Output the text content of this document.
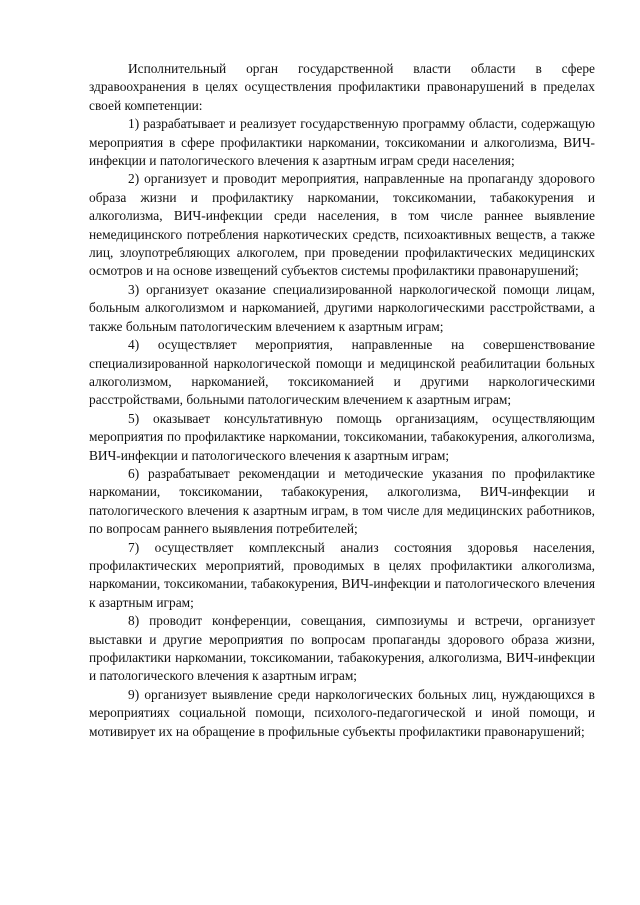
Исполнительный орган государственной власти области в сфере здравоохранения в целях осуществления профилактики правонарушений в пределах своей компетенции:

1) разрабатывает и реализует государственную программу области, содержащую мероприятия в сфере профилактики наркомании, токсикомании и алкоголизма, ВИЧ-инфекции и патологического влечения к азартным играм среди населения;

2) организует и проводит мероприятия, направленные на пропаганду здорового образа жизни и профилактику наркомании, токсикомании, табакокурения и алкоголизма, ВИЧ-инфекции среди населения, в том числе раннее выявление немедицинского потребления наркотических средств, психоактивных веществ, а также лиц, злоупотребляющих алкоголем, при проведении профилактических медицинских осмотров и на основе извещений субъектов системы профилактики правонарушений;

3) организует оказание специализированной наркологической помощи лицам, больным алкоголизмом и наркоманией, другими наркологическими расстройствами, а также больным патологическим влечением к азартным играм;

4) осуществляет мероприятия, направленные на совершенствование специализированной наркологической помощи и медицинской реабилитации больных алкоголизмом, наркоманией, токсикоманией и другими наркологическими расстройствами, больными патологическим влечением к азартным играм;

5) оказывает консультативную помощь организациям, осуществляющим мероприятия по профилактике наркомании, токсикомании, табакокурения, алкоголизма, ВИЧ-инфекции и патологического влечения к азартным играм;

6) разрабатывает рекомендации и методические указания по профилактике наркомании, токсикомании, табакокурения, алкоголизма, ВИЧ-инфекции и патологического влечения к азартным играм, в том числе для медицинских работников, по вопросам раннего выявления потребителей;

7) осуществляет комплексный анализ состояния здоровья населения, профилактических мероприятий, проводимых в целях профилактики алкоголизма, наркомании, токсикомании, табакокурения, ВИЧ-инфекции и патологического влечения к азартным играм;

8) проводит конференции, совещания, симпозиумы и встречи, организует выставки и другие мероприятия по вопросам пропаганды здорового образа жизни, профилактики наркомании, токсикомании, табакокурения, алкоголизма, ВИЧ-инфекции и патологического влечения к азартным играм;

9) организует выявление среди наркологических больных лиц, нуждающихся в мероприятиях социальной помощи, психолого-педагогической и иной помощи, и мотивирует их на обращение в профильные субъекты профилактики правонарушений;
